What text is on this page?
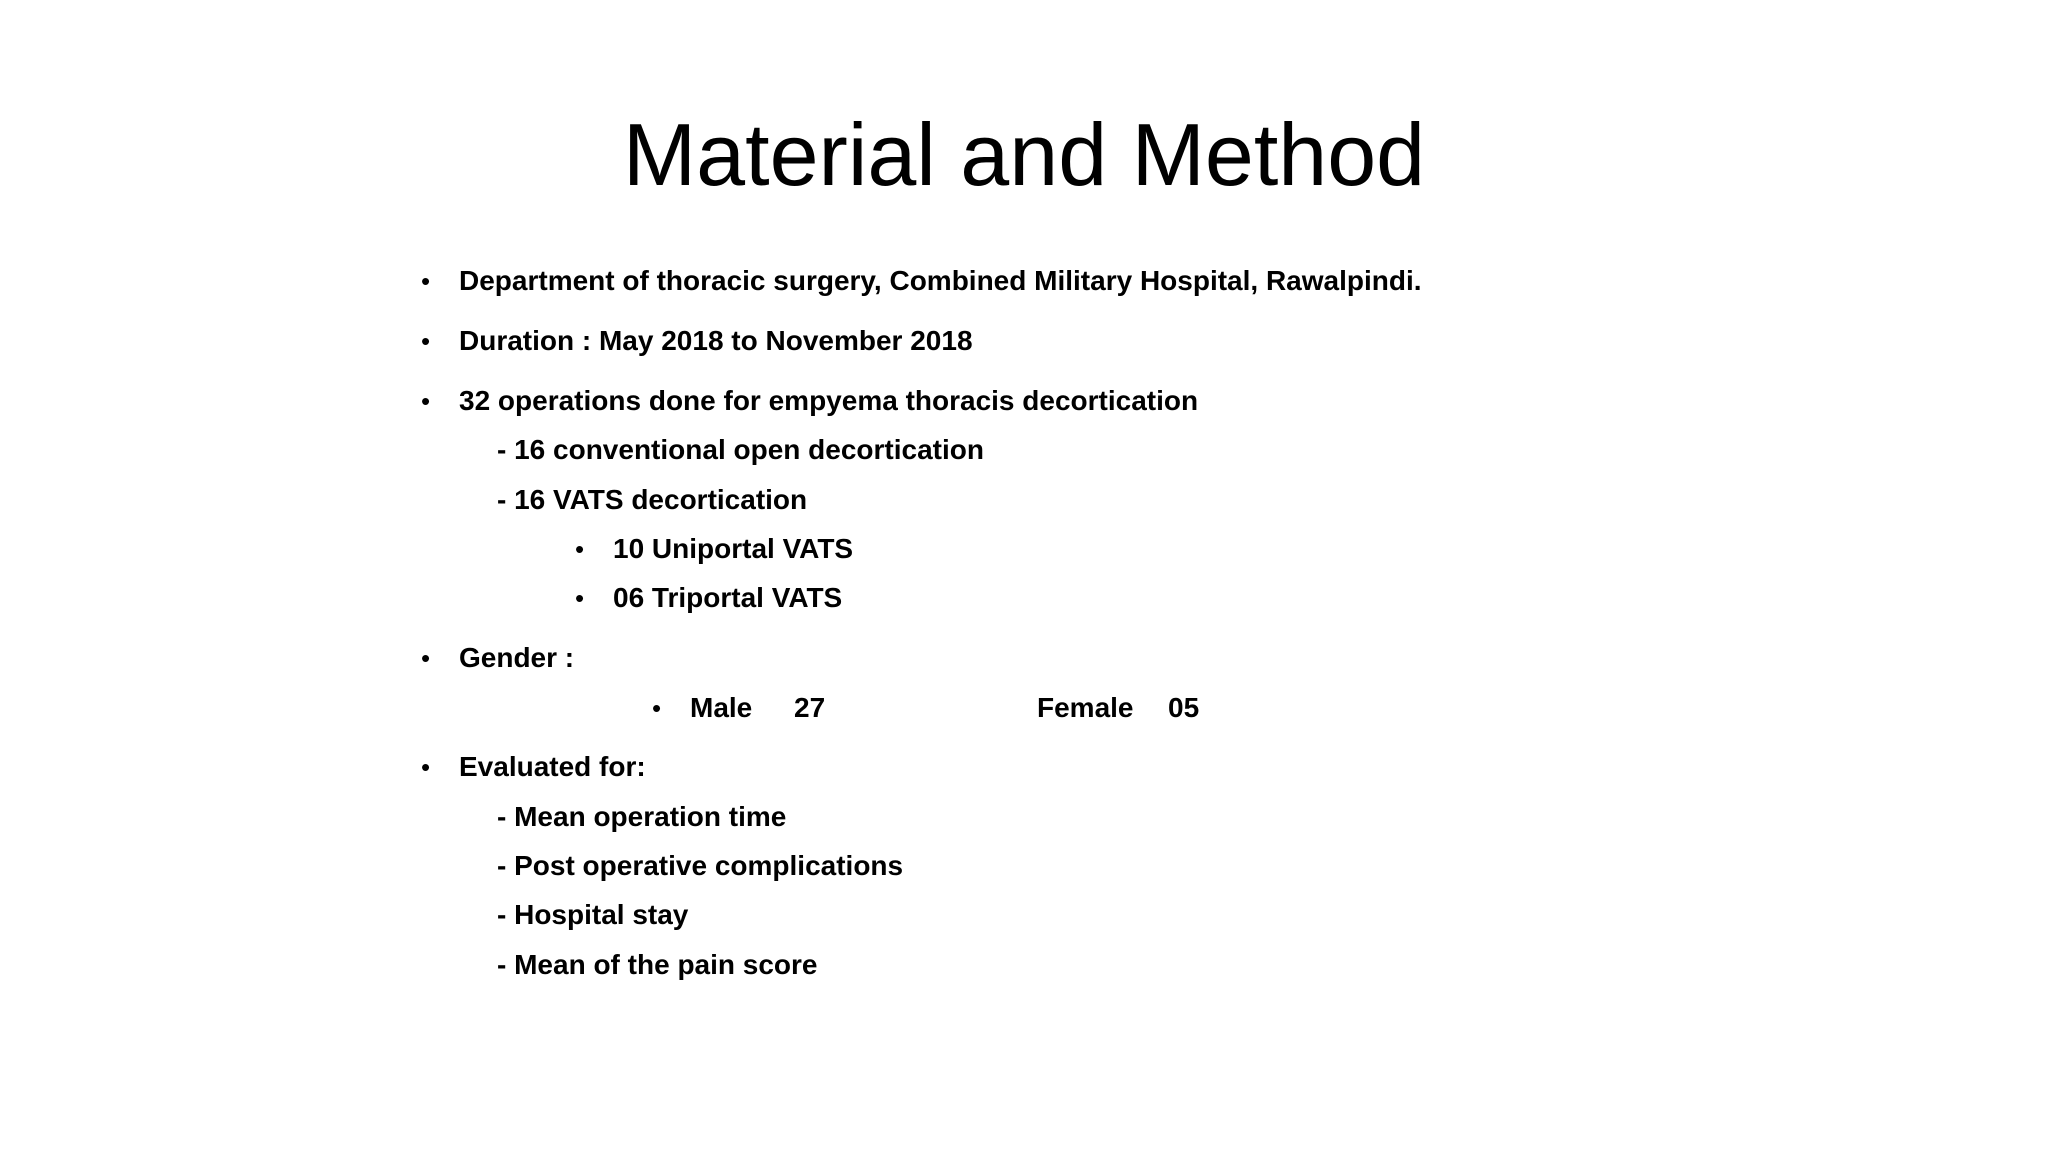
Material and Method
• Department of thoracic surgery, Combined Military Hospital, Rawalpindi.
• Duration : May 2018 to November 2018
• 32 operations done for empyema thoracis decortication
- 16 conventional open decortication
- 16 VATS decortication
• 10 Uniportal VATS
• 06 Triportal VATS
• Gender :
• Male 27	Female 05
• Evaluated for:
- Mean operation time
- Post operative complications
- Hospital stay
- Mean of the pain score
